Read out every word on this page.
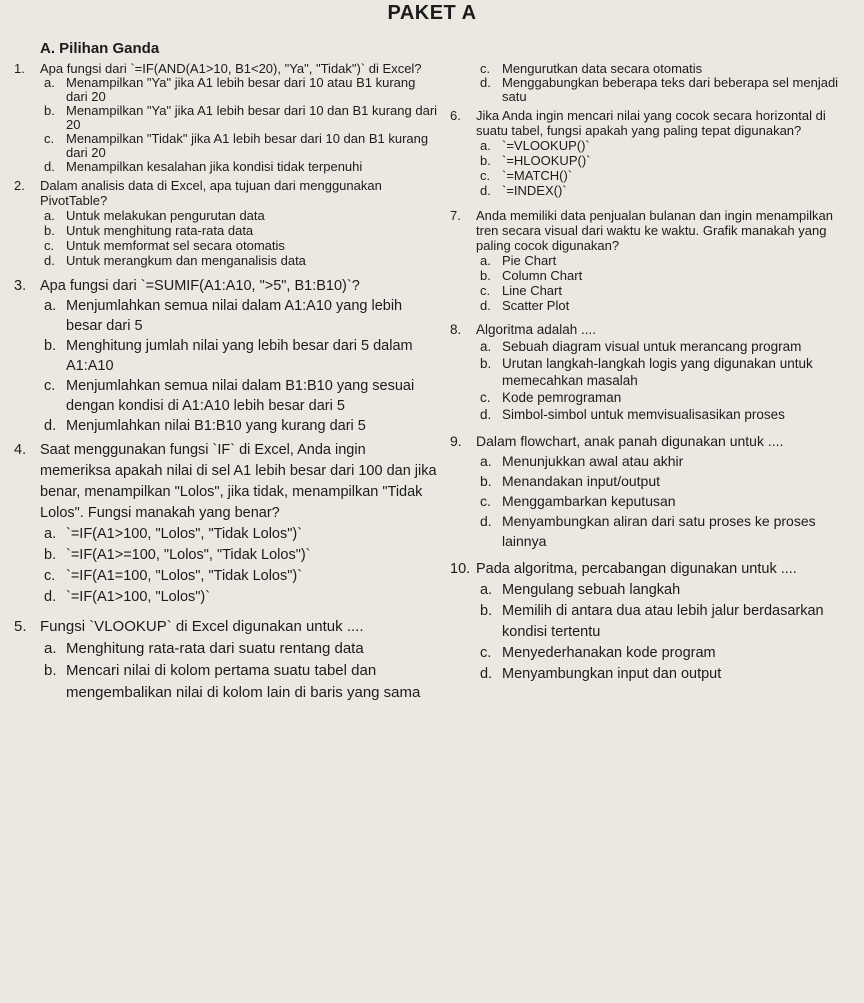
PAKET A
A. Pilihan Ganda
1.	Apa fungsi dari `=IF(AND(A1>10, B1<20), "Ya", "Tidak")` di Excel?
a. Menampilkan "Ya" jika A1 lebih besar dari 10 atau B1 kurang dari 20
b. Menampilkan "Ya" jika A1 lebih besar dari 10 dan B1 kurang dari 20
c. Menampilkan "Tidak" jika A1 lebih besar dari 10 dan B1 kurang dari 20
d. Menampilkan kesalahan jika kondisi tidak terpenuhi
2.	Dalam analisis data di Excel, apa tujuan dari menggunakan PivotTable?
a. Untuk melakukan pengurutan data
b. Untuk menghitung rata-rata data
c. Untuk memformat sel secara otomatis
d. Untuk merangkum dan menganalisis data
3. Apa fungsi dari `=SUMIF(A1:A10, ">5", B1:B10)`?
a. Menjumlahkan semua nilai dalam A1:A10 yang lebih besar dari 5
b. Menghitung jumlah nilai yang lebih besar dari 5 dalam A1:A10
c. Menjumlahkan semua nilai dalam B1:B10 yang sesuai dengan kondisi di A1:A10 lebih besar dari 5
d. Menjumlahkan nilai B1:B10 yang kurang dari 5
4. Saat menggunakan fungsi `IF` di Excel, Anda ingin memeriksa apakah nilai di sel A1 lebih besar dari 100 dan jika benar, menampilkan "Lolos", jika tidak, menampilkan "Tidak Lolos". Fungsi manakah yang benar?
a. `=IF(A1>100, "Lolos", "Tidak Lolos")`
b. `=IF(A1>=100, "Lolos", "Tidak Lolos")`
c. `=IF(A1=100, "Lolos", "Tidak Lolos")`
d. `=IF(A1>100, "Lolos")`
5. Fungsi `VLOOKUP` di Excel digunakan untuk ....
a. Menghitung rata-rata dari suatu rentang data
b. Mencari nilai di kolom pertama suatu tabel dan mengembalikan nilai di kolom lain di baris yang sama
c. Mengurutkan data secara otomatis
d. Menggabungkan beberapa teks dari beberapa sel menjadi satu
6.	Jika Anda ingin mencari nilai yang cocok secara horizontal di suatu tabel, fungsi apakah yang paling tepat digunakan?
a. `=VLOOKUP()`
b. `=HLOOKUP()`
c. `=MATCH()`
d. `=INDEX()`
7.	Anda memiliki data penjualan bulanan dan ingin menampilkan tren secara visual dari waktu ke waktu. Grafik manakah yang paling cocok digunakan?
a. Pie Chart
b. Column Chart
c. Line Chart
d. Scatter Plot
8.	Algoritma adalah ....
a. Sebuah diagram visual untuk merancang program
b. Urutan langkah-langkah logis yang digunakan untuk memecahkan masalah
c. Kode pemrograman
d. Simbol-simbol untuk memvisualisasikan proses
9.	Dalam flowchart, anak panah digunakan untuk ....
a. Menunjukkan awal atau akhir
b. Menandakan input/output
c. Menggambarkan keputusan
d. Menyambungkan aliran dari satu proses ke proses lainnya
10. Pada algoritma, percabangan digunakan untuk ....
a. Mengulang sebuah langkah
b. Memilih di antara dua atau lebih jalur berdasarkan kondisi tertentu
c. Menyederhanakan kode program
d. Menyambungkan input dan output
